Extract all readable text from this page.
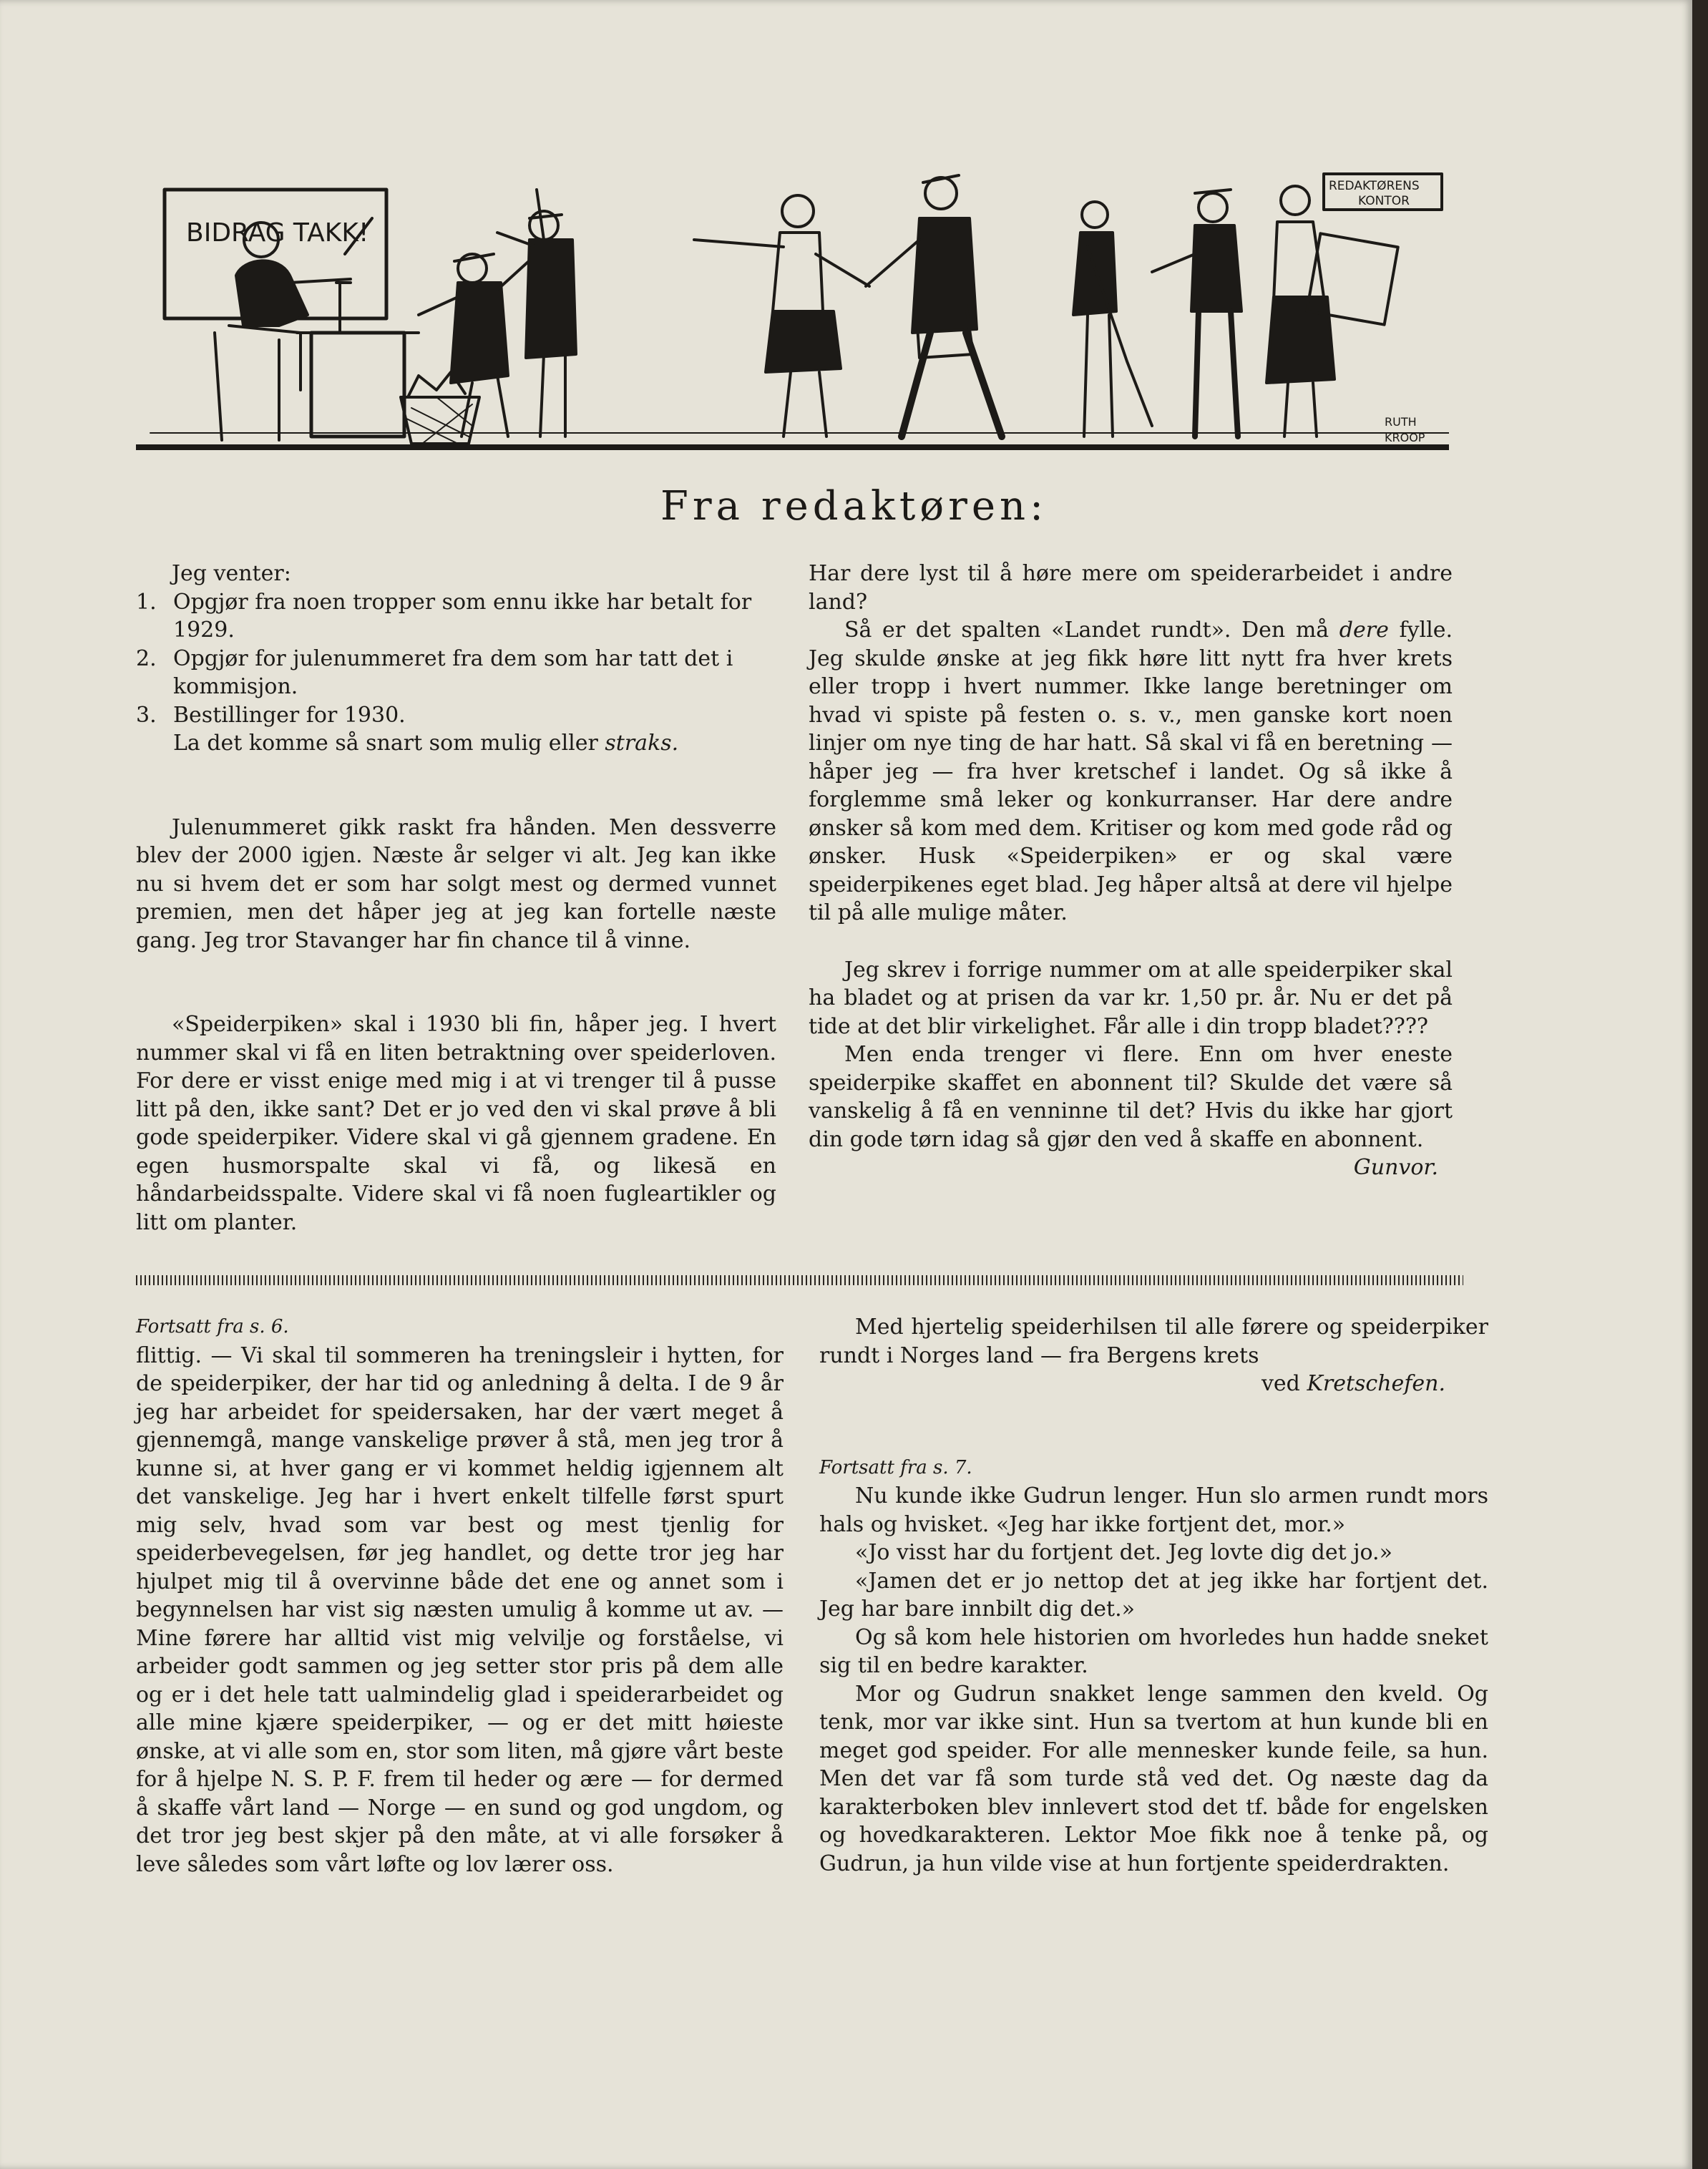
BIDRAG TAKK!
REDAKTØRENS
KONTOR
RUTH
KROOP
Fra redaktøren:

Jeg venter:

1. Opgjør fra noen tropper som ennu ikke har betalt for 1929.
2. Opgjør for julenummeret fra dem som har tatt det i kommisjon.
3. Bestillinger for 1930.

La det komme så snart som mulig eller straks.

Julenummeret gikk raskt fra hånden. Men dessverre blev der 2000 igjen. Næste år selger vi alt. Jeg kan ikke nu si hvem det er som har solgt mest og dermed vunnet premien, men det håper jeg at jeg kan fortelle næste gang. Jeg tror Stavanger har fin chance til å vinne.

«Speiderpiken» skal i 1930 bli fin, håper jeg. I hvert nummer skal vi få en liten betraktning over speiderloven. For dere er visst enige med mig i at vi trenger til å pusse litt på den, ikke sant? Det er jo ved den vi skal prøve å bli gode speiderpiker. Videre skal vi gå gjennem gradene. En egen husmorspalte skal vi få, og likesă en håndarbeidsspalte. Videre skal vi få noen fugleartikler og litt om planter.

Har dere lyst til å høre mere om speiderarbeidet i andre land?

Så er det spalten «Landet rundt». Den må dere fylle. Jeg skulde ønske at jeg fikk høre litt nytt fra hver krets eller tropp i hvert nummer. Ikke lange beretninger om hvad vi spiste på festen o. s. v., men ganske kort noen linjer om nye ting de har hatt. Så skal vi få en beretning — håper jeg — fra hver kretschef i landet. Og så ikke å forglemme små leker og konkurranser. Har dere andre ønsker så kom med dem. Kritiser og kom med gode råd og ønsker. Husk «Speiderpiken» er og skal være speiderpikenes eget blad. Jeg håper altså at dere vil hjelpe til på alle mulige måter.

Jeg skrev i forrige nummer om at alle speiderpiker skal ha bladet og at prisen da var kr. 1,50 pr. år. Nu er det på tide at det blir virkelighet. Får alle i din tropp bladet????

Men enda trenger vi flere. Enn om hver eneste speiderpike skaffet en abonnent til? Skulde det være så vanskelig å få en venninne til det? Hvis du ikke har gjort din gode tørn idag så gjør den ved å skaffe en abonnent.

Gunvor.

Fortsatt fra s. 6.

flittig. — Vi skal til sommeren ha treningsleir i hytten, for de speiderpiker, der har tid og anledning å delta. I de 9 år jeg har arbeidet for speidersaken, har der vært meget å gjennemgå, mange vanskelige prøver å stå, men jeg tror å kunne si, at hver gang er vi kommet heldig igjennem alt det vanskelige. Jeg har i hvert enkelt tilfelle først spurt mig selv, hvad som var best og mest tjenlig for speiderbevegelsen, før jeg handlet, og dette tror jeg har hjulpet mig til å overvinne både det ene og annet som i begynnelsen har vist sig næsten umulig å komme ut av. — Mine førere har alltid vist mig velvilje og forståelse, vi arbeider godt sammen og jeg setter stor pris på dem alle og er i det hele tatt ualmindelig glad i speiderarbeidet og alle mine kjære speiderpiker, — og er det mitt høieste ønske, at vi alle som en, stor som liten, må gjøre vårt beste for å hjelpe N. S. P. F. frem til heder og ære — for dermed å skaffe vårt land — Norge — en sund og god ungdom, og det tror jeg best skjer på den måte, at vi alle forsøker å leve således som vårt løfte og lov lærer oss.

Med hjertelig speiderhilsen til alle førere og speiderpiker rundt i Norges land — fra Bergens krets

ved Kretschefen.

Fortsatt fra s. 7.

Nu kunde ikke Gudrun lenger. Hun slo armen rundt mors hals og hvisket. «Jeg har ikke fortjent det, mor.»

«Jo visst har du fortjent det. Jeg lovte dig det jo.»

«Jamen det er jo nettop det at jeg ikke har fortjent det. Jeg har bare innbilt dig det.»

Og så kom hele historien om hvorledes hun hadde sneket sig til en bedre karakter.

Mor og Gudrun snakket lenge sammen den kveld. Og tenk, mor var ikke sint. Hun sa tvertom at hun kunde bli en meget god speider. For alle mennesker kunde feile, sa hun. Men det var få som turde stå ved det. Og næste dag da karakterboken blev innlevert stod det tf. både for engelsken og hovedkarakteren. Lektor Moe fikk noe å tenke på, og Gudrun, ja hun vilde vise at hun fortjente speiderdrakten.
